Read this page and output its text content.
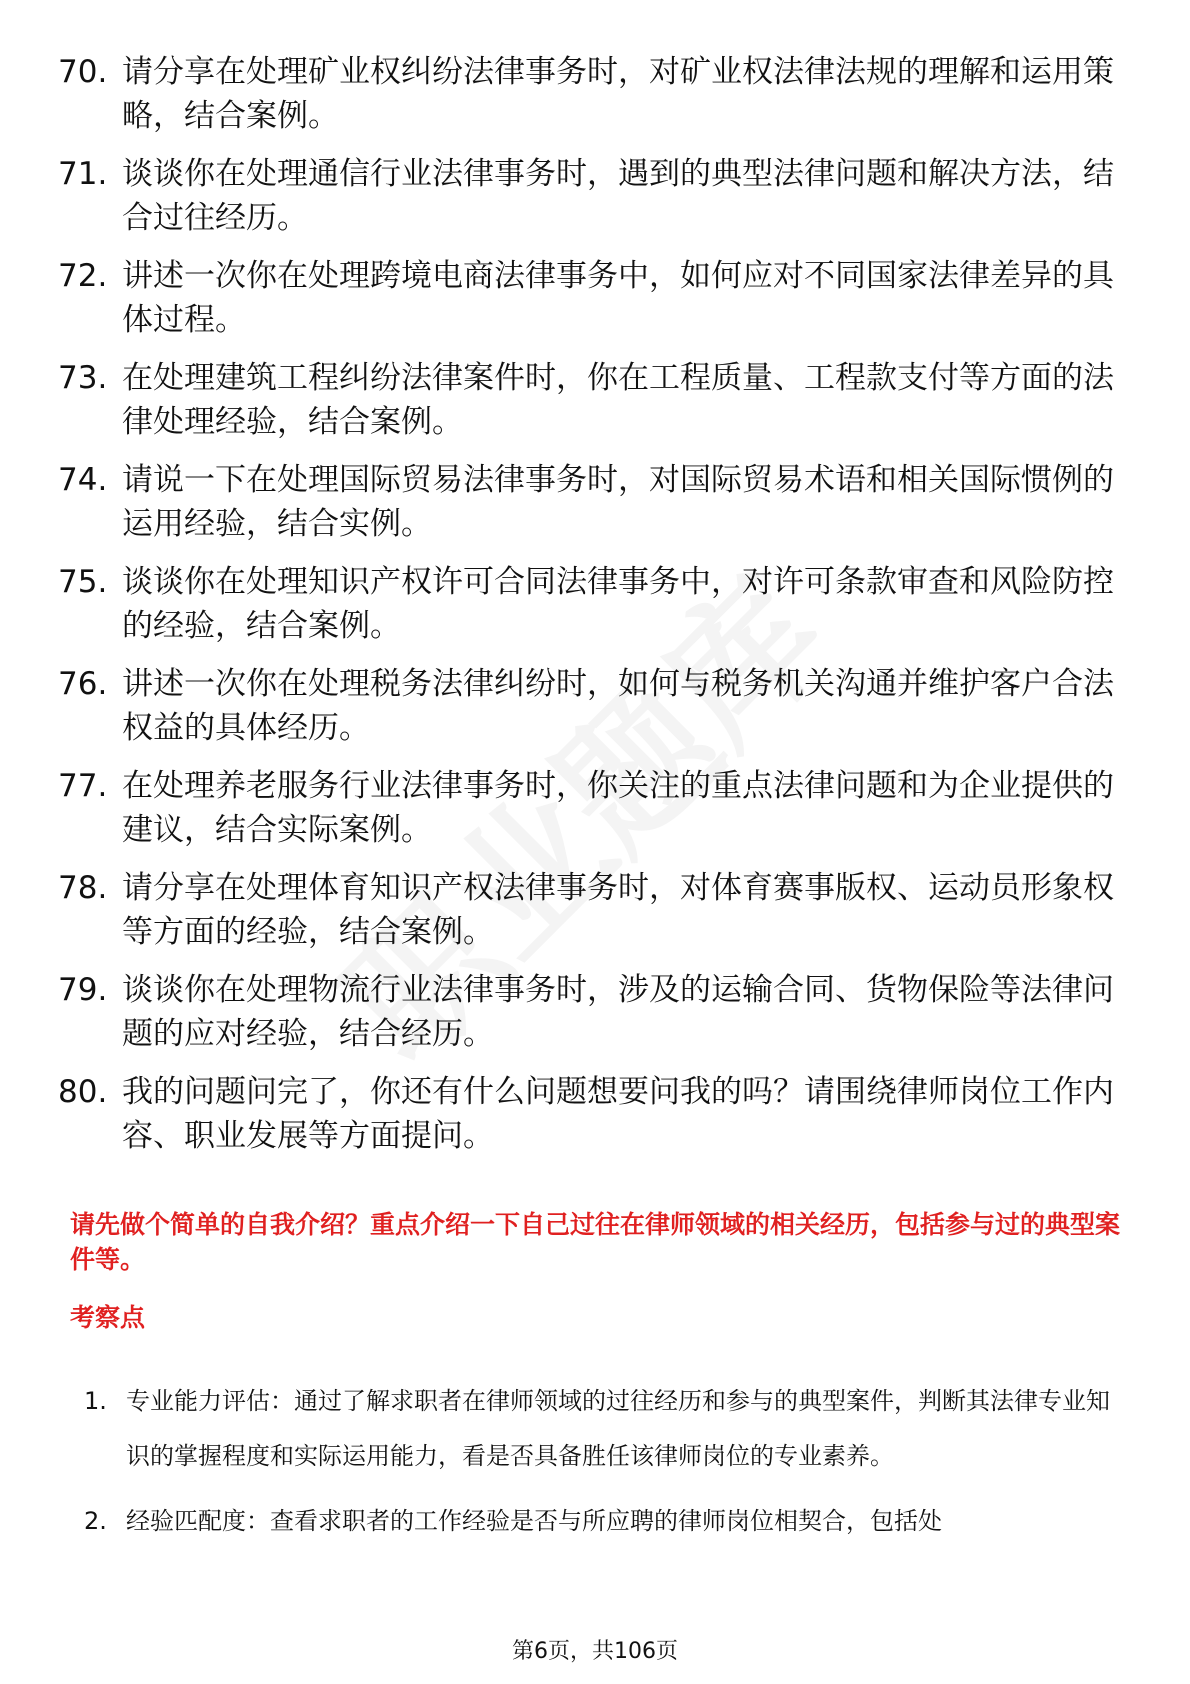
70. 请分享在处理矿业权纠纷法律事务时，对矿业权法律法规的理解和运用策略，结合案例。
71. 谈谈你在处理通信行业法律事务时，遇到的典型法律问题和解决方法，结合过往经历。
72. 讲述一次你在处理跨境电商法律事务中，如何应对不同国家法律差异的具体过程。
73. 在处理建筑工程纠纷法律案件时，你在工程质量、工程款支付等方面的法律处理经验，结合案例。
74. 请说一下在处理国际贸易法律事务时，对国际贸易术语和相关国际惯例的运用经验，结合实例。
75. 谈谈你在处理知识产权许可合同法律事务中，对许可条款审查和风险防控的经验，结合案例。
76. 讲述一次你在处理税务法律纠纷时，如何与税务机关沟通并维护客户合法权益的具体经历。
77. 在处理养老服务行业法律事务时，你关注的重点法律问题和为企业提供的建议，结合实际案例。
78. 请分享在处理体育知识产权法律事务时，对体育赛事版权、运动员形象权等方面的经验，结合案例。
79. 谈谈你在处理物流行业法律事务时，涉及的运输合同、货物保险等法律问题的应对经验，结合经历。
80. 我的问题问完了，你还有什么问题想要问我的吗？请围绕律师岗位工作内容、职业发展等方面提问。
请先做个简单的自我介绍？重点介绍一下自己过往在律师领域的相关经历，包括参与过的典型案件等。
考察点
1. 专业能力评估：通过了解求职者在律师领域的过往经历和参与的典型案件，判断其法律专业知识的掌握程度和实际运用能力，看是否具备胜任该律师岗位的专业素养。
2. 经验匹配度：查看求职者的工作经验是否与所应聘的律师岗位相契合，包括处
第6页，共106页
